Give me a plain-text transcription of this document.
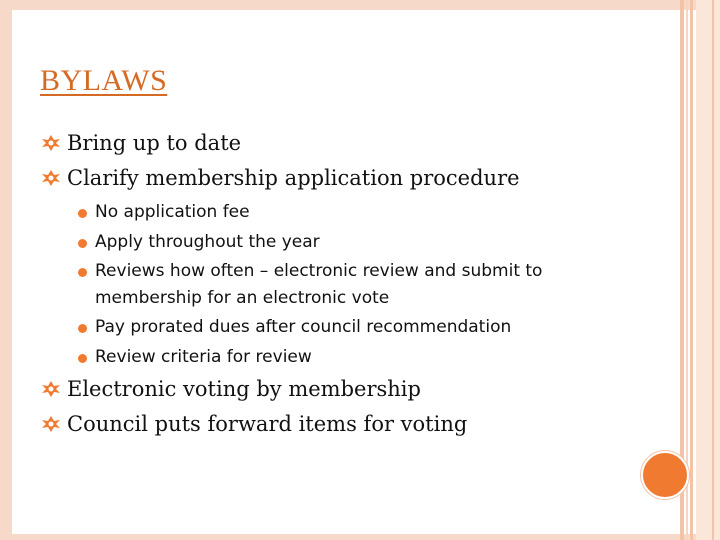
BYLAWS
Bring up to date
Clarify membership application procedure
No application fee
Apply throughout the year
Reviews how often – electronic review and submit to
membership for an electronic vote
Pay prorated dues after council recommendation
Review criteria for review
Electronic voting by membership
Council puts forward items for voting
